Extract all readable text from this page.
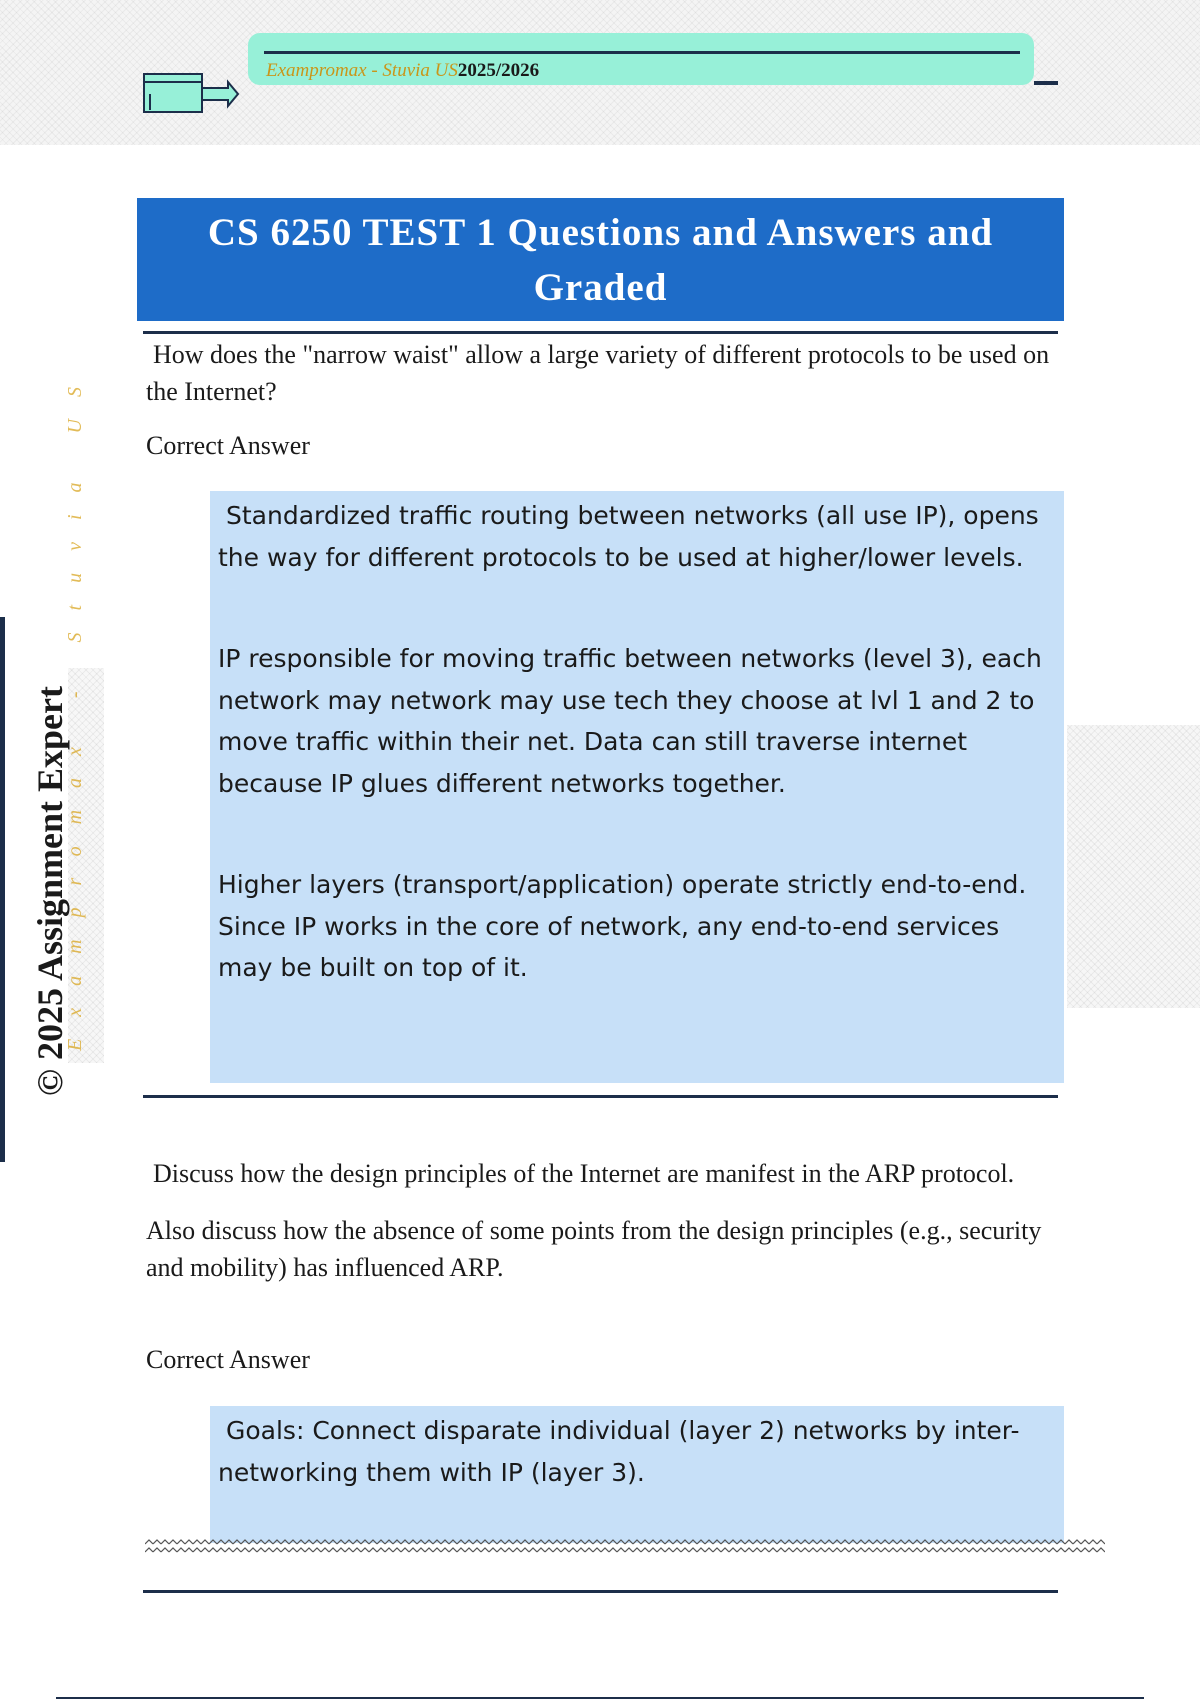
Exampromax - Stuvia US2025/2026
© 2025 Assignment Expert
Exampromax - Stuvia US
CS 6250 TEST 1 Questions and Answers and Graded

How does the "narrow waist" allow a large variety of different protocols to be used on the Internet?

Correct Answer

Standardized traffic routing between networks (all use IP), opens the way for different protocols to be used at higher/lower levels.

IP responsible for moving traffic between networks (level 3), each network may network may use tech they choose at lvl 1 and 2 to move traffic within their net. Data can still traverse internet because IP glues different networks together.

Higher layers (transport/application) operate strictly end-to-end. Since IP works in the core of network, any end-to-end services may be built on top of it.

Discuss how the design principles of the Internet are manifest in the ARP protocol.

Also discuss how the absence of some points from the design principles (e.g., security and mobility) has influenced ARP.

Correct Answer

Goals: Connect disparate individual (layer 2) networks by inter-networking them with IP (layer 3).
